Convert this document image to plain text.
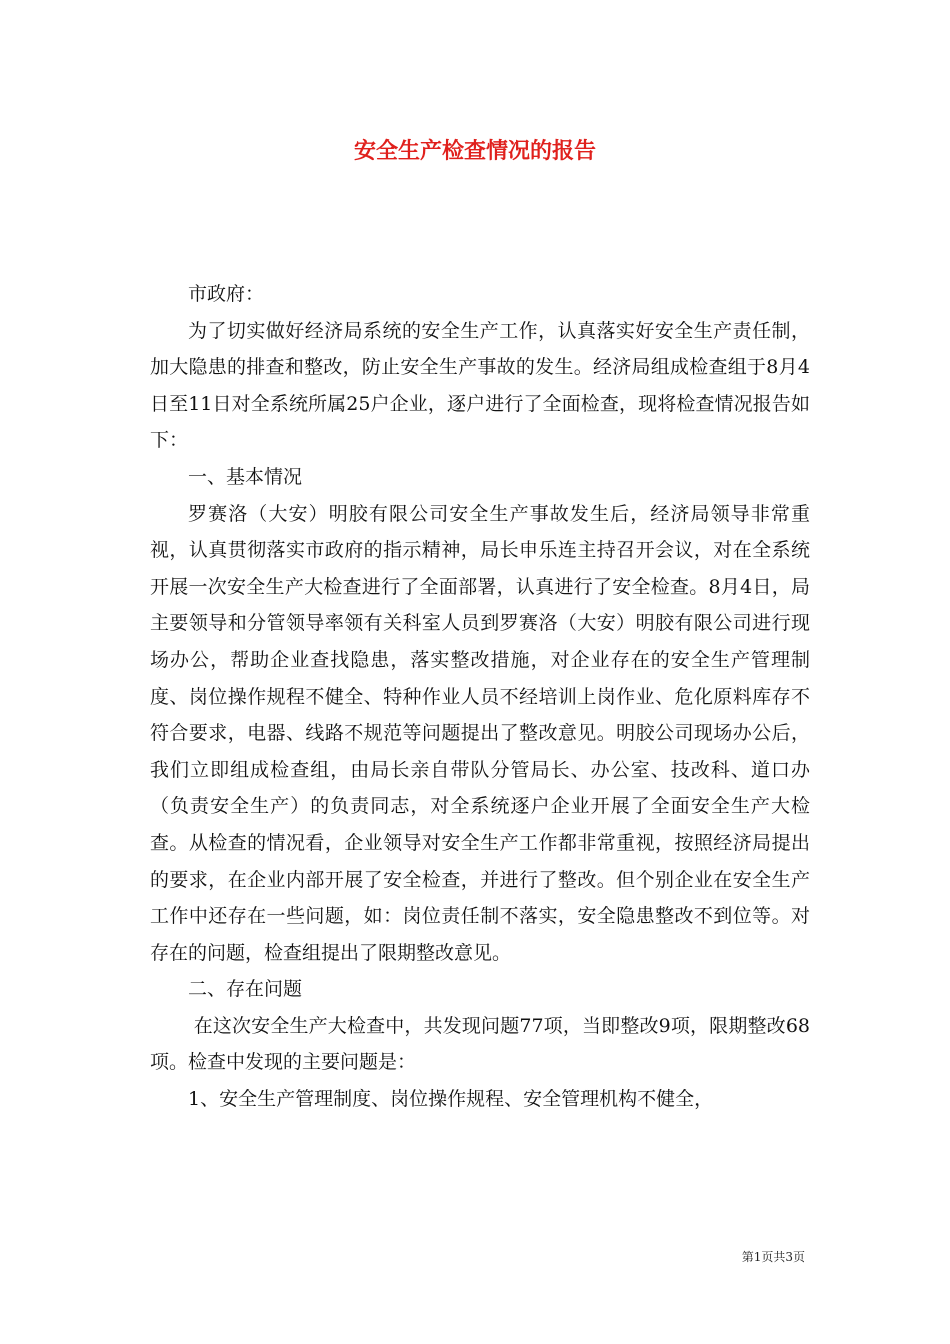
安全生产检查情况的报告

市政府：

为了切实做好经济局系统的安全生产工作，认真落实好安全生产责任制，加大隐患的排查和整改，防止安全生产事故的发生。经济局组成检查组于8月4日至11日对全系统所属25户企业，逐户进行了全面检查，现将检查情况报告如下：

一、基本情况

罗赛洛（大安）明胶有限公司安全生产事故发生后，经济局领导非常重视，认真贯彻落实市政府的指示精神，局长申乐连主持召开会议，对在全系统开展一次安全生产大检查进行了全面部署，认真进行了安全检查。8月4日，局主要领导和分管领导率领有关科室人员到罗赛洛（大安）明胶有限公司进行现场办公，帮助企业查找隐患，落实整改措施，对企业存在的安全生产管理制度、岗位操作规程不健全、特种作业人员不经培训上岗作业、危化原料库存不符合要求，电器、线路不规范等问题提出了整改意见。明胶公司现场办公后，我们立即组成检查组，由局长亲自带队分管局长、办公室、技改科、道口办（负责安全生产）的负责同志，对全系统逐户企业开展了全面安全生产大检查。从检查的情况看，企业领导对安全生产工作都非常重视，按照经济局提出的要求，在企业内部开展了安全检查，并进行了整改。但个别企业在安全生产工作中还存在一些问题，如：岗位责任制不落实，安全隐患整改不到位等。对存在的问题，检查组提出了限期整改意见。

二、存在问题

在这次安全生产大检查中，共发现问题77项，当即整改9项，限期整改68项。检查中发现的主要问题是：

1、安全生产管理制度、岗位操作规程、安全管理机构不健全，

第1页共3页
